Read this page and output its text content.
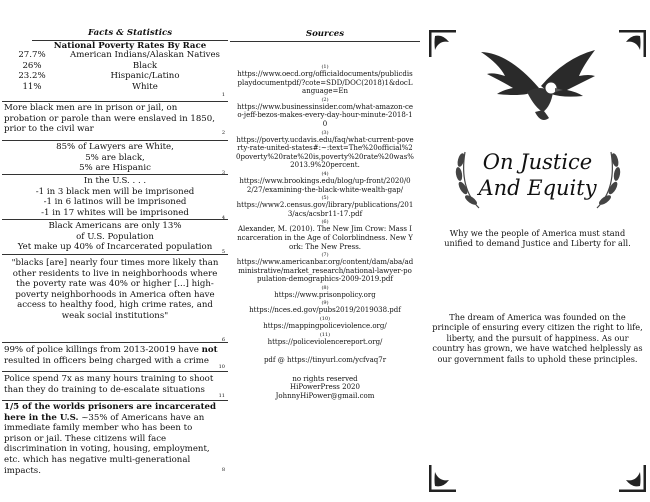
Facts & Statistics
National Poverty Rates By Race
27.7%	American Indians/Alaskan Natives
26%	Black
23.2%	Hispanic/Latino
11%	White
1
More black men are in prison or jail, on probation or parole than were enslaved in 1850, prior to the civil war	2
85% of Lawyers are White,
5% are black,
5% are Hispanic	3
In the U.S. . . .
-1 in 3 black men will be imprisoned
-1 in 6 latinos will be imprisoned
-1 in 17 whites will be imprisoned
4
Black Americans are only 13%
of U.S. Population
Yet make up 40% of Incarcerated population	5
"blacks [are] nearly four times more likely than other residents to live in neighborhoods where the poverty rate was 40% or higher [...] high-poverty neighborhoods in America often have access to healthy food, high crime rates, and weak social institutions"
6
99% of police killings from 2013-20019 have not resulted in officers being charged with a crime
10
Police spend 7x as many hours training to shoot than they do training to de-escalate situations
11
1/5 of the worlds prisoners are incarcerated here in the U.S. ~35% of Americans have an immediate family member who has been to prison or jail. These citizens will face discrimination in voting, housing, employment, etc. which has negative multi-generational impacts.	8
Sources
(1)
https://www.oecd.org/officialdocuments/publicdisplaydocumentpdf/?cote=SDD/DOC(2018)1&docLanguage=En
(2)
https://www.businessinsider.com/what-amazon-ceo-jeff-bezos-makes-every-day-hour-minute-2018-10
(3)
https://poverty.ucdavis.edu/faq/what-current-poverty-rate-united-states#:~:text=The%20official%20poverty%20rate%20is,poverty%20rate%20was%2013.9%20percent.
(4)
https://www.brookings.edu/blog/up-front/2020/02/27/examining-the-black-white-wealth-gap/
(5)
https://www2.census.gov/library/publications/2013/acs/acsbr11-17.pdf
(6)
Alexander, M. (2010). The New Jim Crow: Mass Incarceration in the Age of Colorblindness. New York: The New Press.
(7)
https://www.americanbar.org/content/dam/aba/administrative/market_research/national-lawyer-population-demographics-2009-2019.pdf
(8)
https://www.prisonpolicy.org
(9)
https://nces.ed.gov/pubs2019/2019038.pdf
(10)
https://mappingpoliceviolence.org/
(11)
https://policeviolencereport.org/
pdf @ https://tinyurl.com/ycfvaq7r
no rights reserved
HiPowerPress 2020
JohnnyHiPower@gmail.com
On Justice
And Equity
Why we the people of America must stand unified to demand Justice and Liberty for all.
The dream of America was founded on the principle of ensuring every citizen the right to life, liberty, and the pursuit of happiness. As our country has grown, we have watched helplessly as our government fails to uphold these principles.
